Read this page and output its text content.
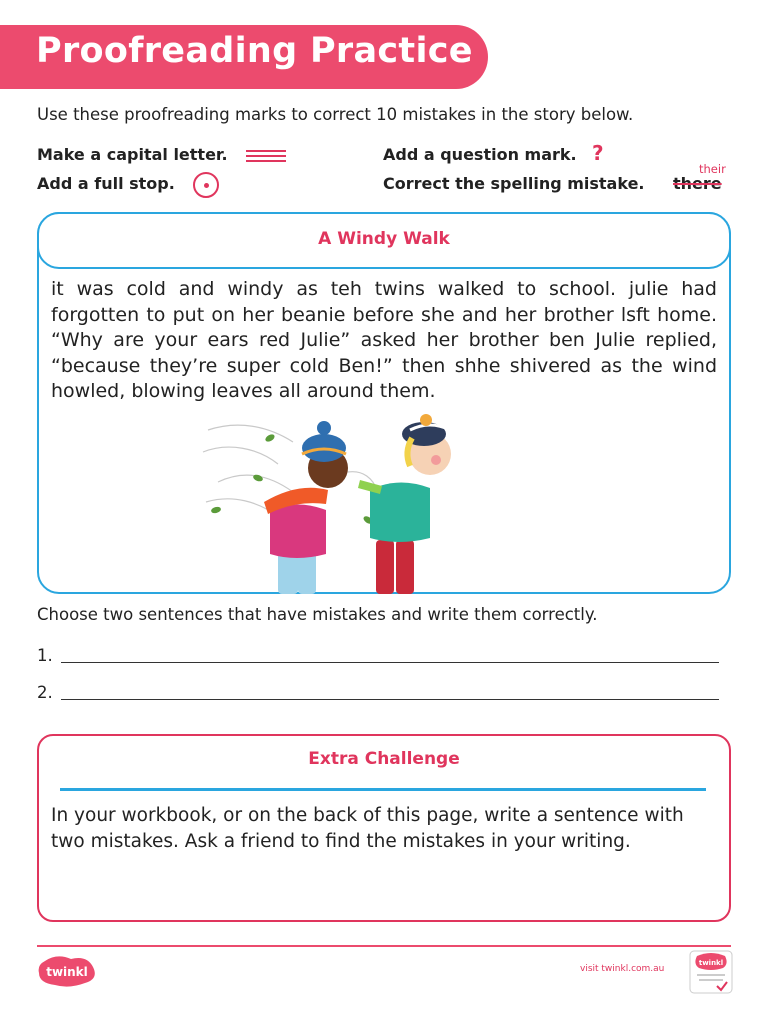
Proofreading Practice
Use these proofreading marks to correct 10 mistakes in the story below.
Make a capital letter.	Add a question mark. ?
Add a full stop.	Correct the spelling mistake.
their
there
A Windy Walk
it was cold and windy as teh twins walked to school. julie had forgotten to put on her beanie before she and her brother lsft home. “Why are your ears red Julie” asked her brother ben Julie replied, “because they’re super cold Ben!” then shhe shivered as the wind howled, blowing leaves all around them.
Choose two sentences that have mistakes and write them correctly.
1.
2.
Extra Challenge
In your workbook, or on the back of this page, write a sentence with two mistakes. Ask a friend to find the mistakes in your writing.
twinkl	visit twinkl.com.au
twinkl
